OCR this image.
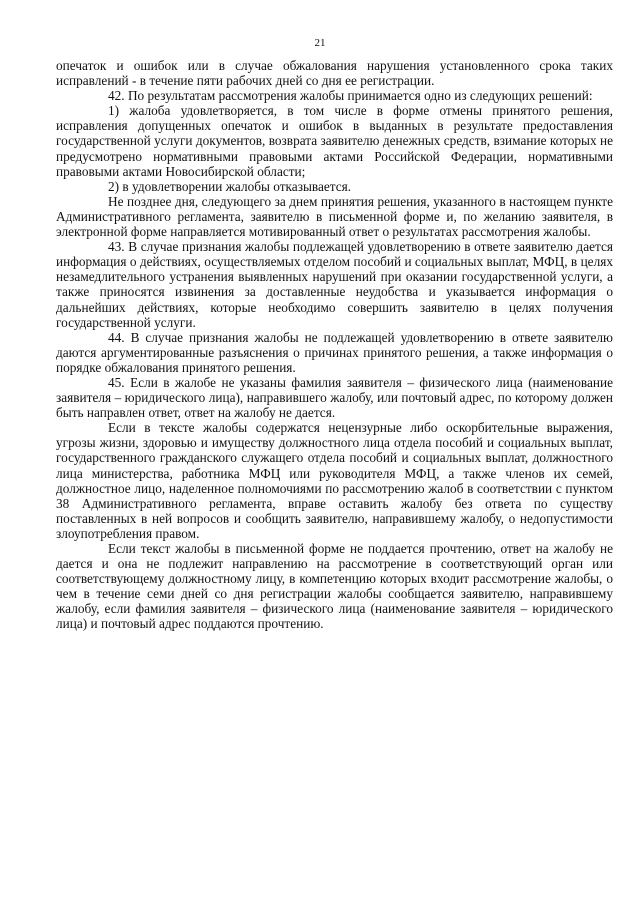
21

опечаток и ошибок или в случае обжалования нарушения установленного срока таких исправлений - в течение пяти рабочих дней со дня ее регистрации.

42. По результатам рассмотрения жалобы принимается одно из следующих решений:

1) жалоба удовлетворяется, в том числе в форме отмены принятого решения, исправления допущенных опечаток и ошибок в выданных в результате предоставления государственной услуги документов, возврата заявителю денежных средств, взимание которых не предусмотрено нормативными правовыми актами Российской Федерации, нормативными правовыми актами Новосибирской области;

2) в удовлетворении жалобы отказывается.

Не позднее дня, следующего за днем принятия решения, указанного в настоящем пункте Административного регламента, заявителю в письменной форме и, по желанию заявителя, в электронной форме направляется мотивированный ответ о результатах рассмотрения жалобы.

43. В случае признания жалобы подлежащей удовлетворению в ответе заявителю дается информация о действиях, осуществляемых отделом пособий и социальных выплат, МФЦ, в целях незамедлительного устранения выявленных нарушений при оказании государственной услуги, а также приносятся извинения за доставленные неудобства и указывается информация о дальнейших действиях, которые необходимо совершить заявителю в целях получения государственной услуги.

44. В случае признания жалобы не подлежащей удовлетворению в ответе заявителю даются аргументированные разъяснения о причинах принятого решения, а также информация о порядке обжалования принятого решения.

45. Если в жалобе не указаны фамилия заявителя – физического лица (наименование заявителя – юридического лица), направившего жалобу, или почтовый адрес, по которому должен быть направлен ответ, ответ на жалобу не дается.

Если в тексте жалобы содержатся нецензурные либо оскорбительные выражения, угрозы жизни, здоровью и имуществу должностного лица отдела пособий и социальных выплат, государственного гражданского служащего отдела пособий и социальных выплат, должностного лица министерства, работника МФЦ или руководителя МФЦ, а также членов их семей, должностное лицо, наделенное полномочиями по рассмотрению жалоб в соответствии с пунктом 38 Административного регламента, вправе оставить жалобу без ответа по существу поставленных в ней вопросов и сообщить заявителю, направившему жалобу, о недопустимости злоупотребления правом.

Если текст жалобы в письменной форме не поддается прочтению, ответ на жалобу не дается и она не подлежит направлению на рассмотрение в соответствующий орган или соответствующему должностному лицу, в компетенцию которых входит рассмотрение жалобы, о чем в течение семи дней со дня регистрации жалобы сообщается заявителю, направившему жалобу, если фамилия заявителя – физического лица (наименование заявителя – юридического лица) и почтовый адрес поддаются прочтению.
